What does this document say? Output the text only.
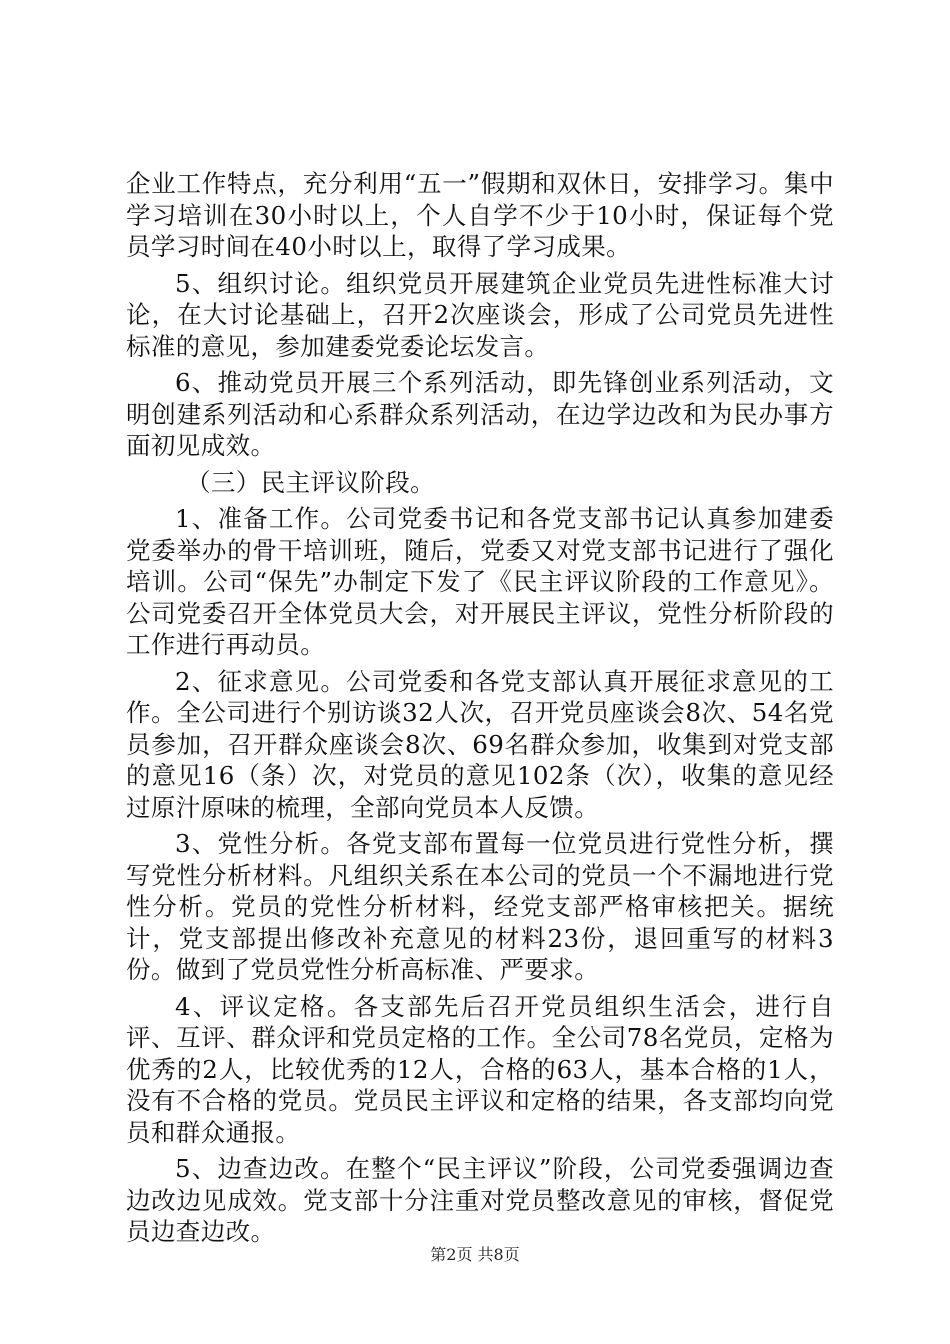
企业工作特点，充分利用“五一”假期和双休日，安排学习。集中学习培训在30小时以上，个人自学不少于10小时，保证每个党员学习时间在40小时以上，取得了学习成果。

5、组织讨论。组织党员开展建筑企业党员先进性标准大讨论，在大讨论基础上，召开2次座谈会，形成了公司党员先进性标准的意见，参加建委党委论坛发言。

6、推动党员开展三个系列活动，即先锋创业系列活动，文明创建系列活动和心系群众系列活动，在边学边改和为民办事方面初见成效。

（三）民主评议阶段。

1、准备工作。公司党委书记和各党支部书记认真参加建委党委举办的骨干培训班，随后，党委又对党支部书记进行了强化培训。公司“保先”办制定下发了《民主评议阶段的工作意见》。公司党委召开全体党员大会，对开展民主评议，党性分析阶段的工作进行再动员。

2、征求意见。公司党委和各党支部认真开展征求意见的工作。全公司进行个别访谈32人次，召开党员座谈会8次、54名党员参加，召开群众座谈会8次、69名群众参加，收集到对党支部的意见16（条）次，对党员的意见102条（次），收集的意见经过原汁原味的梳理，全部向党员本人反馈。

3、党性分析。各党支部布置每一位党员进行党性分析，撰写党性分析材料。凡组织关系在本公司的党员一个不漏地进行党性分析。党员的党性分析材料，经党支部严格审核把关。据统计，党支部提出修改补充意见的材料23份，退回重写的材料3份。做到了党员党性分析高标准、严要求。

4、评议定格。各支部先后召开党员组织生活会，进行自评、互评、群众评和党员定格的工作。全公司78名党员，定格为优秀的2人，比较优秀的12人，合格的63人，基本合格的1人，没有不合格的党员。党员民主评议和定格的结果，各支部均向党员和群众通报。

5、边查边改。在整个“民主评议”阶段，公司党委强调边查边改边见成效。党支部十分注重对党员整改意见的审核，督促党员边查边改。

第2页 共8页
